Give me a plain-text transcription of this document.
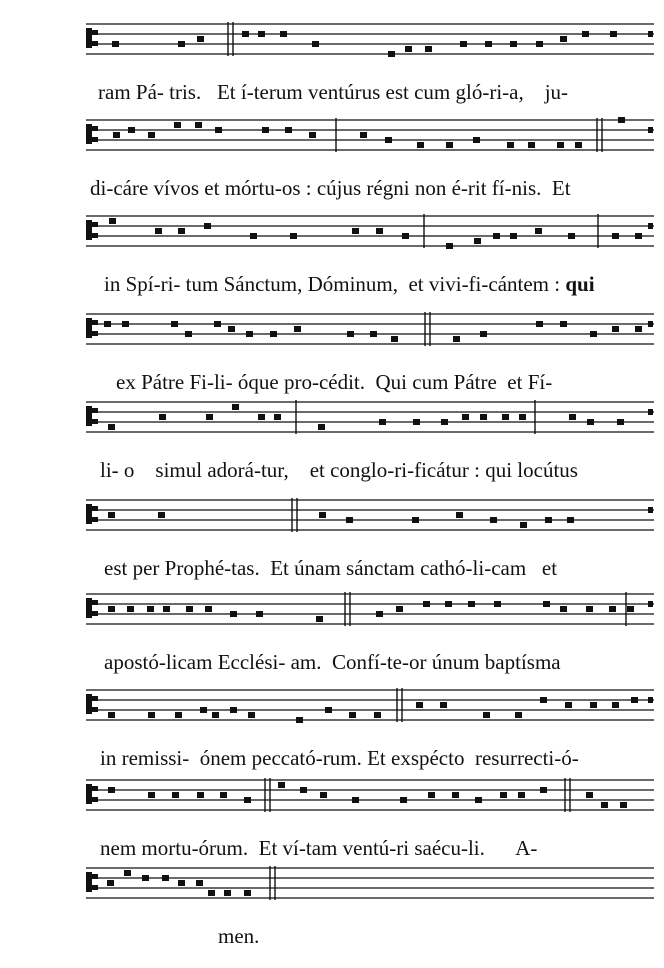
ram Pá- tris.   Et í-terum ventúrus est cum gló-ri-a,    ju-
di-cáre vívos et mórtu-os : cújus régni non é-rit fí-nis.  Et
in Spí-ri- tum Sánctum, Dóminum,  et vivi-fi-cántem : qui
ex Pátre Fi-li- óque pro-cédit.  Qui cum Pátre  et Fí-
li- o    simul adorá-tur,    et conglo-ri-ficátur : qui locútus
est per Prophé-tas.  Et únam sánctam cathó-li-cam   et
apostó-licam Ecclési- am.  Confí-te-or únum baptísma
in remissi-  ónem peccató-rum. Et exspécto  resurrecti-ó-
nem mortu-órum.  Et ví-tam ventú-ri saécu-li.      A-
men.
